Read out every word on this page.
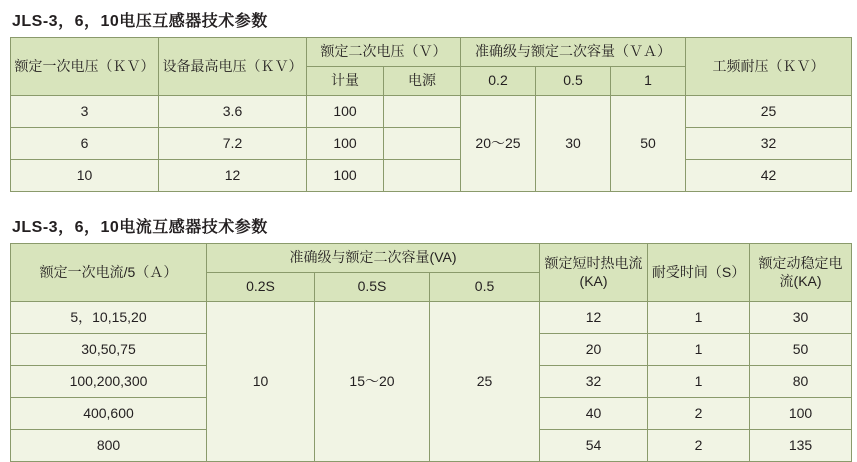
JLS-3，6，10电压互感器技术参数
额定一次电压（ＫＶ）	设备最高电压（ＫＶ）	额定二次电压（Ｖ）		准确级与额定二次容量（ＶＡ）			工频耐压（ＫＶ）
		计量	电源	0.2	0.5	1	
3	3.6	100		20～25	30	50	25
6	7.2	100					32
10	12	100					42
JLS-3，6，10电流互感器技术参数
额定一次电流/5（Ａ）	准确级与额定二次容量(VA)			额定短时热电流(KA)	耐受时间（S）	额定动稳定电流(KA)
	0.2S	0.5S	0.5			
5，10,15,20	10	15～20	25	12	1	30
30,50,75				20	1	50
100,200,300				32	1	80
400,600				40	2	100
800				54	2	135
